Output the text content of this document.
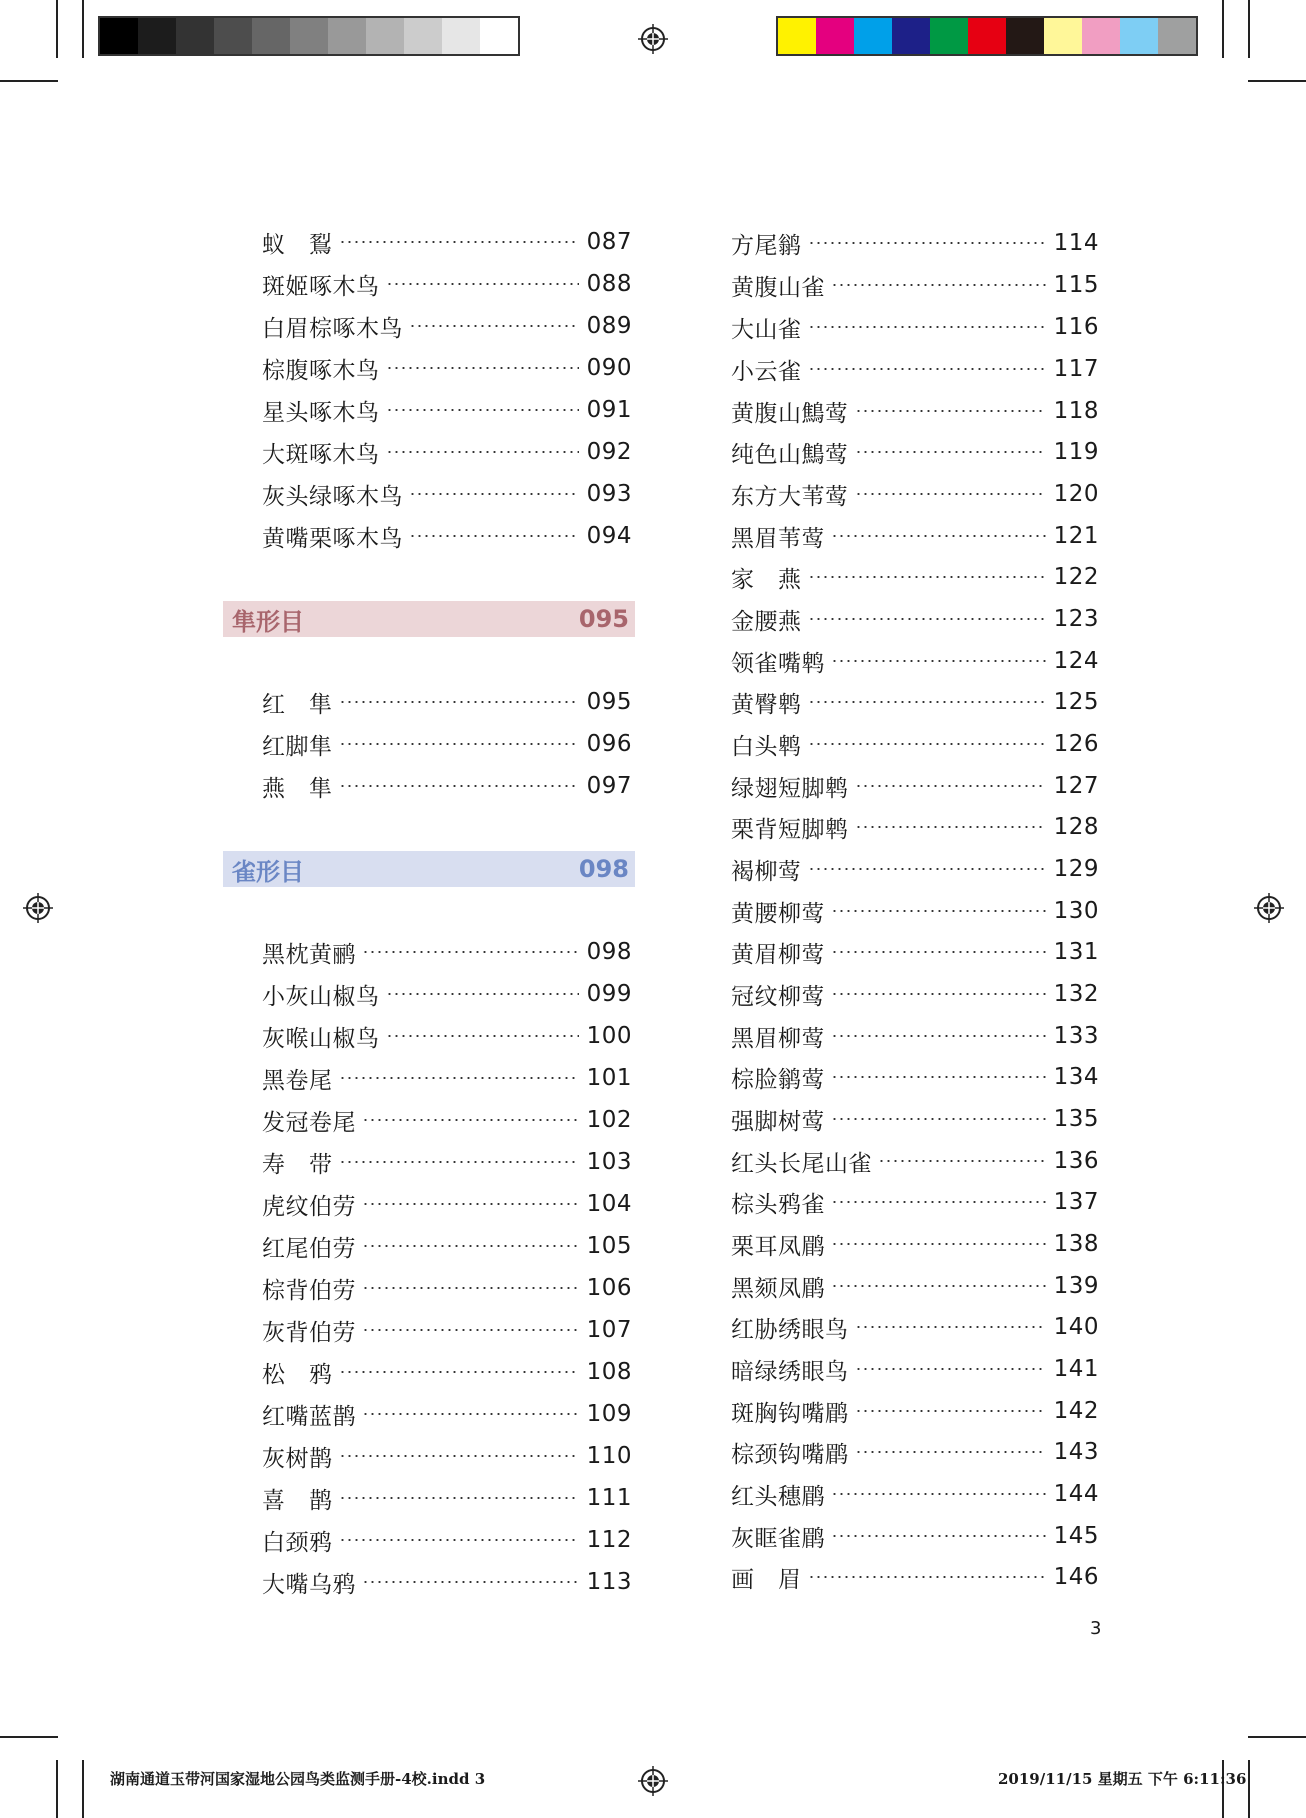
蚁　鴷	087
斑姬啄木鸟	088
白眉棕啄木鸟	089
棕腹啄木鸟	090
星头啄木鸟	091
大斑啄木鸟	092
灰头绿啄木鸟	093
黄嘴栗啄木鸟	094
隼形目	095
红　隼	095
红脚隼	096
燕　隼	097
雀形目	098
黑枕黄鹂	098
小灰山椒鸟	099
灰喉山椒鸟	100
黑卷尾	101
发冠卷尾	102
寿　带	103
虎纹伯劳	104
红尾伯劳	105
棕背伯劳	106
灰背伯劳	107
松　鸦	108
红嘴蓝鹊	109
灰树鹊	110
喜　鹊	111
白颈鸦	112
大嘴乌鸦	113
方尾鹟	114
黄腹山雀	115
大山雀	116
小云雀	117
黄腹山鷦莺	118
纯色山鷦莺	119
东方大苇莺	120
黑眉苇莺	121
家　燕	122
金腰燕	123
领雀嘴鹎	124
黄臀鹎	125
白头鹎	126
绿翅短脚鹎	127
栗背短脚鹎	128
褐柳莺	129
黄腰柳莺	130
黄眉柳莺	131
冠纹柳莺	132
黑眉柳莺	133
棕脸鹟莺	134
强脚树莺	135
红头长尾山雀	136
棕头鸦雀	137
栗耳凤鹛	138
黑颏凤鹛	139
红胁绣眼鸟	140
暗绿绣眼鸟	141
斑胸钩嘴鹛	142
棕颈钩嘴鹛	143
红头穗鹛	144
灰眶雀鹛	145
画　眉	146
3
湖南通道玉带河国家湿地公园鸟类监测手册-4校.indd 3	2019/11/15 星期五 下午 6:11:36
